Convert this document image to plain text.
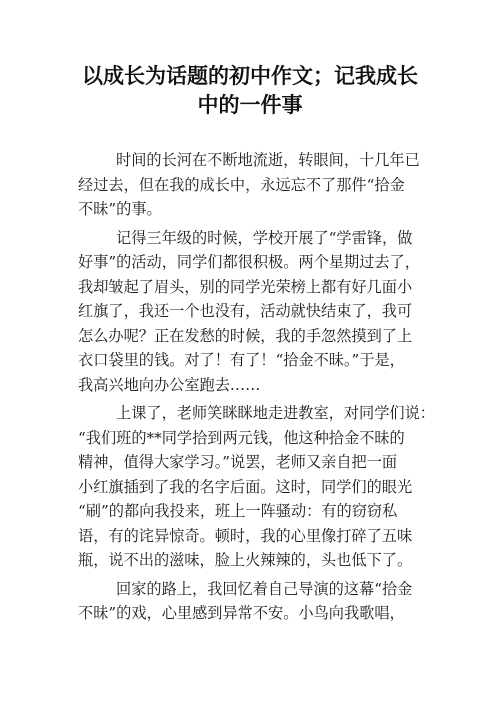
以成长为话题的初中作文；记我成长
中的一件事
时间的长河在不断地流逝，转眼间，十几年已
经过去，但在我的成长中，永远忘不了那件“拾金
不昧”的事。
记得三年级的时候，学校开展了“学雷锋，做
好事”的活动，同学们都很积极。两个星期过去了，
我却皱起了眉头，别的同学光荣榜上都有好几面小
红旗了，我还一个也没有，活动就快结束了，我可
怎么办呢？正在发愁的时候，我的手忽然摸到了上
衣口袋里的钱。对了！有了！“拾金不昧。”于是，
我高兴地向办公室跑去……
上课了，老师笑眯眯地走进教室，对同学们说：
“我们班的**同学拾到两元钱，他这种拾金不昧的
精神，值得大家学习。”说罢，老师又亲自把一面
小红旗插到了我的名字后面。这时，同学们的眼光
“刷”的都向我投来，班上一阵骚动：有的窃窃私
语，有的诧异惊奇。顿时，我的心里像打碎了五味
瓶，说不出的滋味，脸上火辣辣的，头也低下了。
回家的路上，我回忆着自己导演的这幕“拾金
不昧”的戏，心里感到异常不安。小鸟向我歌唱，
